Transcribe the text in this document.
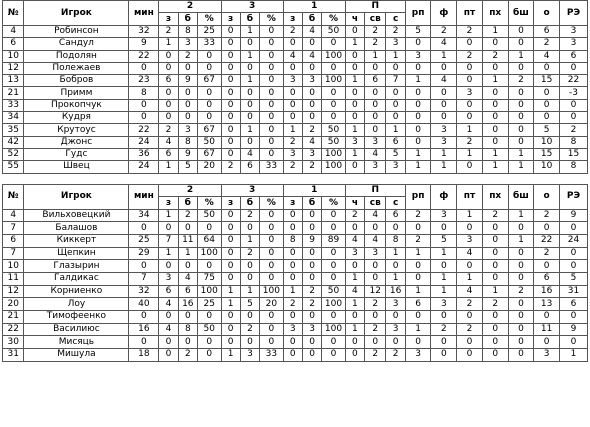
№	Игрок	мин	2			3			1			П			рп	ф	пт	пх	бш	о	РЭ
			з	б	%	з	б	%	з	б	%	ч	св	с							
4	Робинсон	32	2	8	25	0	1	0	2	4	50	0	2	2	5	2	2	1	0	6	3
6	Сандул	9	1	3	33	0	0	0	0	0	0	1	2	3	0	4	0	0	0	2	3
10	Подолян	22	0	2	0	0	1	0	4	4	100	0	1	1	3	1	2	2	1	4	6
12	Полежаев	0	0	0	0	0	0	0	0	0	0	0	0	0	0	0	0	0	0	0	0
13	Бобров	23	6	9	67	0	1	0	3	3	100	1	6	7	1	4	0	1	2	15	22
21	Примм	8	0	0	0	0	0	0	0	0	0	0	0	0	0	0	3	0	0	0	-3
33	Прокопчук	0	0	0	0	0	0	0	0	0	0	0	0	0	0	0	0	0	0	0	0
34	Кудря	0	0	0	0	0	0	0	0	0	0	0	0	0	0	0	0	0	0	0	0
35	Крутоус	22	2	3	67	0	1	0	1	2	50	1	0	1	0	3	1	0	0	5	2
42	Джонс	24	4	8	50	0	0	0	2	4	50	3	3	6	0	3	2	0	0	10	8
52	Гудс	36	6	9	67	0	4	0	3	3	100	1	4	5	1	1	1	1	1	15	15
55	Швец	24	1	5	20	2	6	33	2	2	100	0	3	3	1	1	0	1	1	10	8
№	Игрок	мин	2			3			1			П			рп	ф	пт	пх	бш	о	РЭ
			з	б	%	з	б	%	з	б	%	ч	св	с							
4	Вильховецкий	34	1	2	50	0	2	0	0	0	0	2	4	6	2	3	1	2	1	2	9
7	Балашов	0	0	0	0	0	0	0	0	0	0	0	0	0	0	0	0	0	0	0	0
6	Киккерт	25	7	11	64	0	1	0	8	9	89	4	4	8	2	5	3	0	1	22	24
7	Щепкин	29	1	1	100	0	2	0	0	0	0	3	3	1	1	1	4	0	0	2	0
10	Глазырин	0	0	0	0	0	0	0	0	0	0	0	0	0	0	0	0	0	0	0	0
11	Галдикас	7	3	4	75	0	0	0	0	0	0	1	0	1	0	1	1	0	0	6	5
12	Корниенко	32	6	6	100	1	1	100	1	2	50	4	12	16	1	1	4	1	2	16	31
20	Лоу	40	4	16	25	1	5	20	2	2	100	1	2	3	6	3	2	2	0	13	6
21	Тимофеенко	0	0	0	0	0	0	0	0	0	0	0	0	0	0	0	0	0	0	0	0
22	Василиюс	16	4	8	50	0	2	0	3	3	100	1	2	3	1	2	2	0	0	11	9
30	Мисяць	0	0	0	0	0	0	0	0	0	0	0	0	0	0	0	0	0	0	0	0
31	Мишула	18	0	2	0	1	3	33	0	0	0	0	2	2	3	0	0	0	0	3	1
